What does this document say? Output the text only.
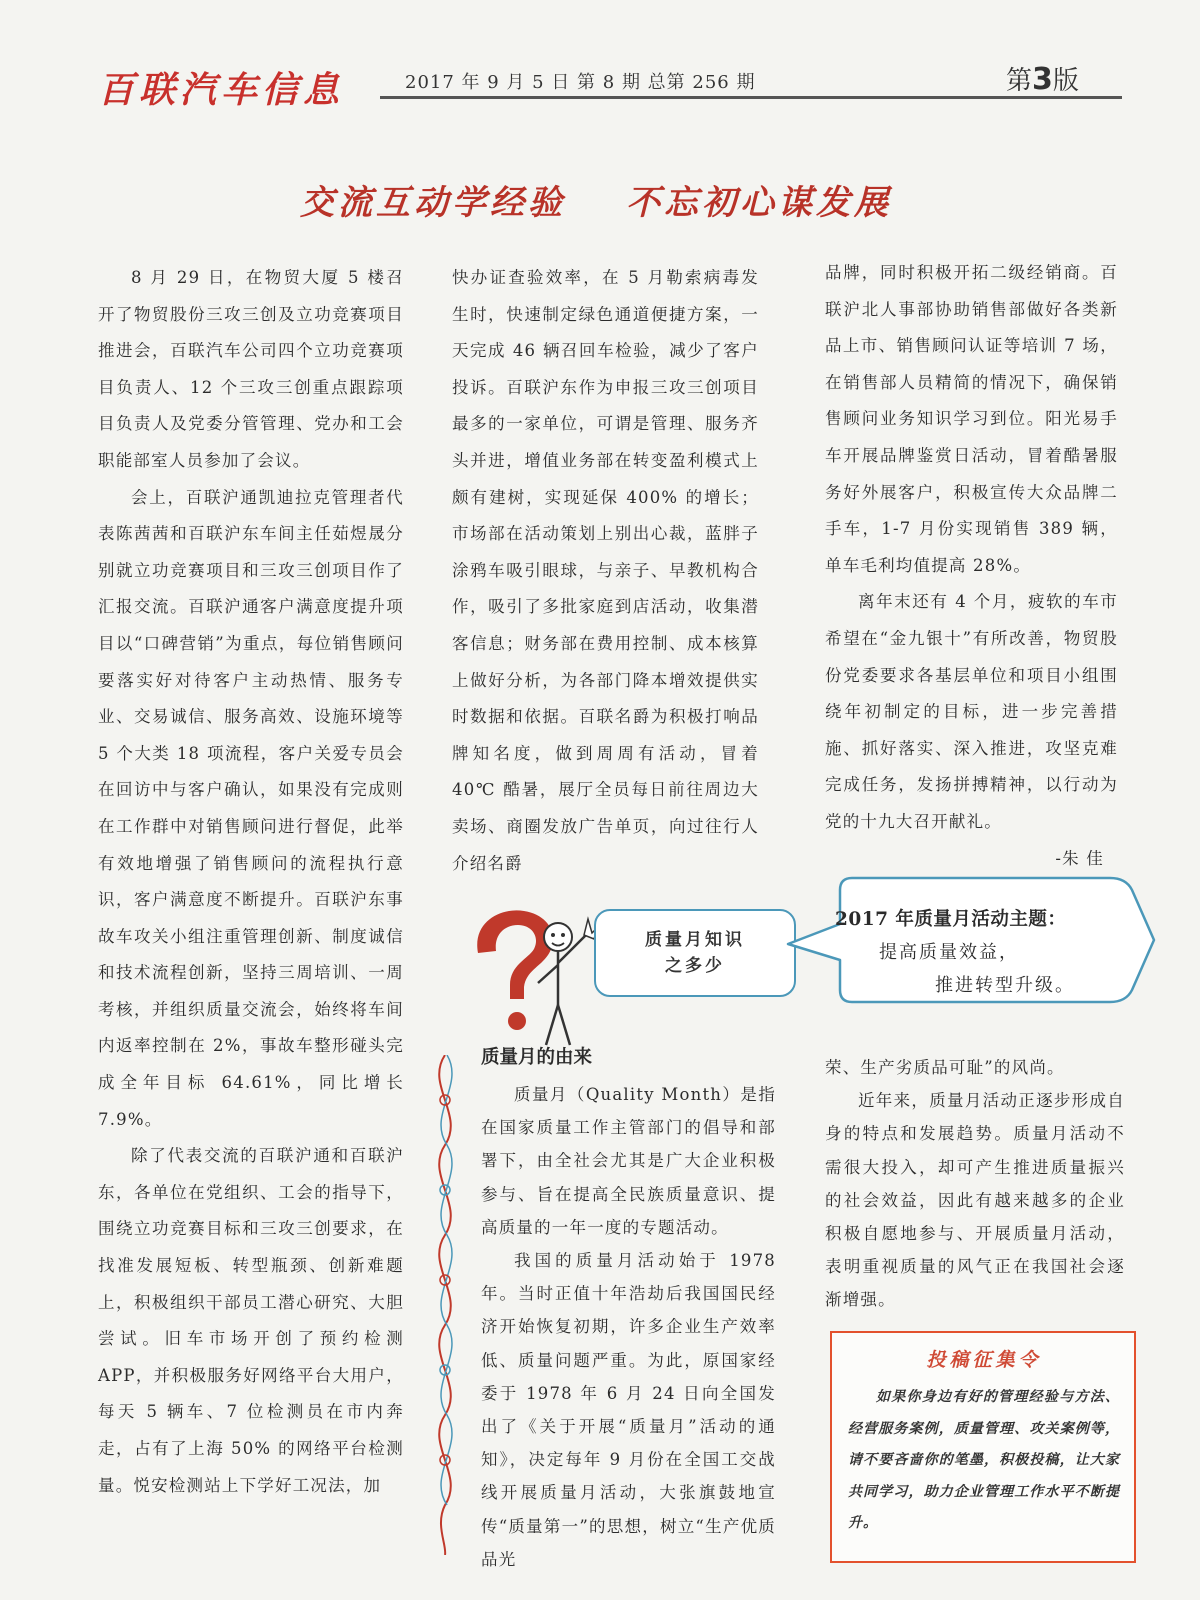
百联汽车信息	2017 年 9 月 5 日 第 8 期 总第 256 期	第3版
交流互动学经验 不忘初心谋发展

8 月 29 日，在物贸大厦 5 楼召开了物贸股份三攻三创及立功竞赛项目推进会，百联汽车公司四个立功竞赛项目负责人、12 个三攻三创重点跟踪项目负责人及党委分管管理、党办和工会职能部室人员参加了会议。

会上，百联沪通凯迪拉克管理者代表陈茜茜和百联沪东车间主任茹煜晟分别就立功竞赛项目和三攻三创项目作了汇报交流。百联沪通客户满意度提升项目以“口碑营销”为重点，每位销售顾问要落实好对待客户主动热情、服务专业、交易诚信、服务高效、设施环境等 5 个大类 18 项流程，客户关爱专员会在回访中与客户确认，如果没有完成则在工作群中对销售顾问进行督促，此举有效地增强了销售顾问的流程执行意识，客户满意度不断提升。百联沪东事故车攻关小组注重管理创新、制度诚信和技术流程创新，坚持三周培训、一周考核，并组织质量交流会，始终将车间内返率控制在 2%，事故车整形碰头完成全年目标 64.61%，同比增长 7.9%。

除了代表交流的百联沪通和百联沪东，各单位在党组织、工会的指导下，围绕立功竞赛目标和三攻三创要求，在找准发展短板、转型瓶颈、创新难题上，积极组织干部员工潜心研究、大胆尝试。旧车市场开创了预约检测 APP，并积极服务好网络平台大用户，每天 5 辆车、7 位检测员在市内奔走，占有了上海 50% 的网络平台检测量。悦安检测站上下学好工况法，加

快办证查验效率，在 5 月勒索病毒发生时，快速制定绿色通道便捷方案，一天完成 46 辆召回车检验，减少了客户投诉。百联沪东作为申报三攻三创项目最多的一家单位，可谓是管理、服务齐头并进，增值业务部在转变盈利模式上颇有建树，实现延保 400% 的增长；市场部在活动策划上别出心裁，蓝胖子涂鸦车吸引眼球，与亲子、早教机构合作，吸引了多批家庭到店活动，收集潜客信息；财务部在费用控制、成本核算上做好分析，为各部门降本增效提供实时数据和依据。百联名爵为积极打响品牌知名度，做到周周有活动，冒着 40℃ 酷暑，展厅全员每日前往周边大卖场、商圈发放广告单页，向过往行人介绍名爵

品牌，同时积极开拓二级经销商。百联沪北人事部协助销售部做好各类新品上市、销售顾问认证等培训 7 场，在销售部人员精简的情况下，确保销售顾问业务知识学习到位。阳光易手车开展品牌鉴赏日活动，冒着酷暑服务好外展客户，积极宣传大众品牌二手车，1-7 月份实现销售 389 辆，单车毛利均值提高 28%。

离年末还有 4 个月，疲软的车市希望在“金九银十”有所改善，物贸股份党委要求各基层单位和项目小组围绕年初制定的目标，进一步完善措施、抓好落实、深入推进，攻坚克难完成任务，发扬拼搏精神，以行动为党的十九大召开献礼。

-朱 佳
质量月知识
之多少
2017 年质量月活动主题：
提高质量效益，
推进转型升级。
质量月的由来

质量月（Quality Month）是指在国家质量工作主管部门的倡导和部署下，由全社会尤其是广大企业积极参与、旨在提高全民族质量意识、提高质量的一年一度的专题活动。

我国的质量月活动始于 1978 年。当时正值十年浩劫后我国国民经济开始恢复初期，许多企业生产效率低、质量问题严重。为此，原国家经委于 1978 年 6 月 24 日向全国发出了《关于开展“质量月”活动的通知》，决定每年 9 月份在全国工交战线开展质量月活动，大张旗鼓地宣传“质量第一”的思想，树立“生产优质品光

荣、生产劣质品可耻”的风尚。

近年来，质量月活动正逐步形成自身的特点和发展趋势。质量月活动不需很大投入，却可产生推进质量振兴的社会效益，因此有越来越多的企业积极自愿地参与、开展质量月活动，表明重视质量的风气正在我国社会逐渐增强。

投稿征集令
如果你身边有好的管理经验与方法、经营服务案例，质量管理、攻关案例等，请不要吝啬你的笔墨，积极投稿，让大家共同学习，助力企业管理工作水平不断提升。
